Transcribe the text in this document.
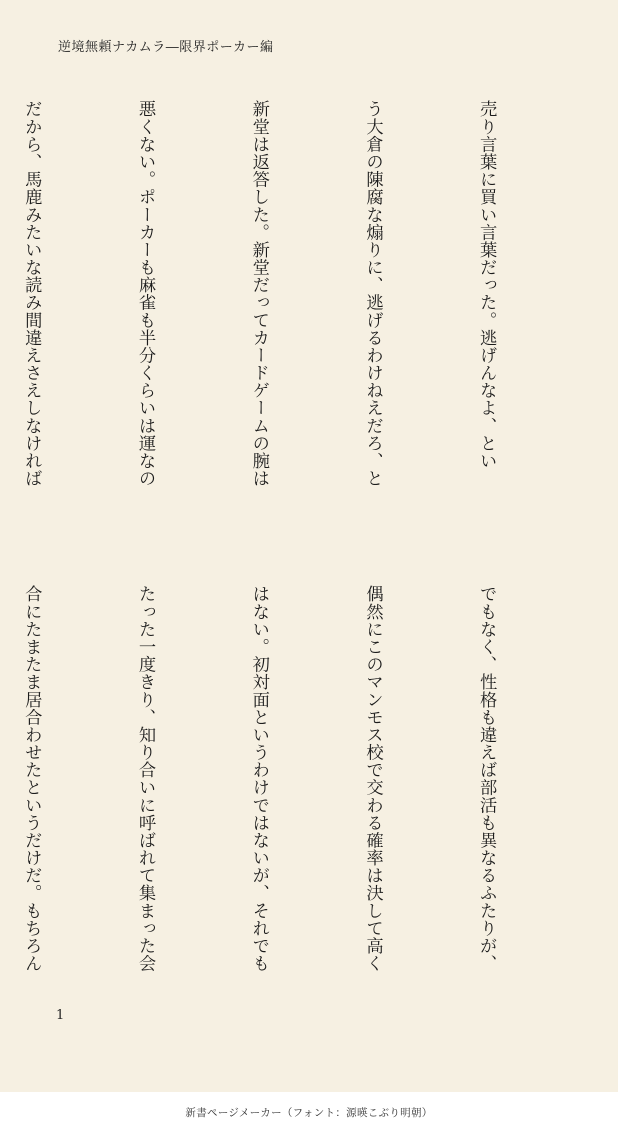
逆境無頼ナカムラ―限界ポーカー編

売り言葉に買い言葉だった。逃げんなよ、とい

う大倉の陳腐な煽りに、逃げるわけねえだろ、と

新堂は返答した。新堂だってカードゲームの腕は

悪くない。ポーカーも麻雀も半分くらいは運なの

だから、馬鹿みたいな読み間違えさえしなければ

でもなく、性格も違えば部活も異なるふたりが、

偶然にこのマンモス校で交わる確率は決して高く

はない。初対面というわけではないが、それでも

たった一度きり、知り合いに呼ばれて集まった会

合にたまたま居合わせたというだけだ。もちろん

1
新書ページメーカー（フォント：源暎こぶり明朝）
